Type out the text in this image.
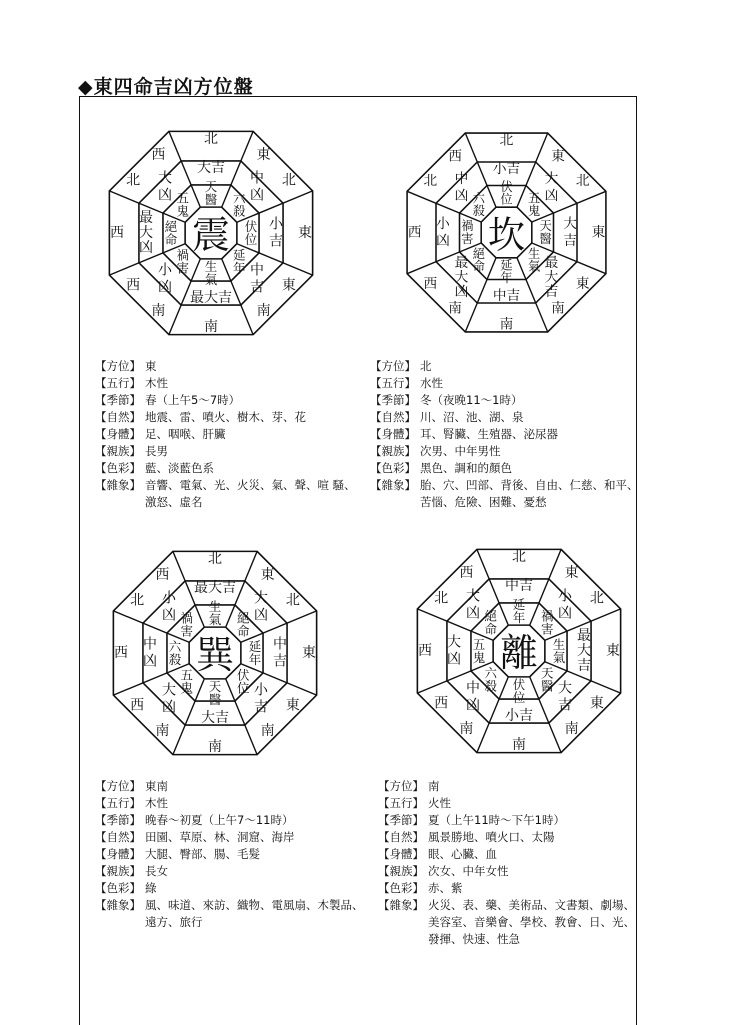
◆東四命吉凶方位盤
震
天
醫
大吉
北
六
殺
中
凶
東
北
伏
位
小
吉
東
延
年 中
吉 東
南
生
氣
最大吉
南
禍
害
小
凶
西
南
絕
命
最
大
凶
西
五
鬼
大
凶
西
北
坎
伏
位
小吉
北
五
鬼
大
凶
東
北
天
醫
大
吉
東
生
氣 最
大
吉
東
南
延
年
中吉
南
絕
命
最
大
凶
西
南
禍
害
小
凶
西
六
殺
中
凶
西
北
巽
生
氣
最大吉
北
絕
命
大
凶
東
北
延
年
中
吉
東
伏
位 小
吉 東
南
天
醫
大吉
南
五
鬼
大
凶
西
南
六
殺
中
凶
西
禍
害
小
凶
西
北
離
延
年
中吉
北
禍
害
小
凶
東
北
生
氣
最
大
吉
東
天
醫 大
吉 東
南
伏
位
小吉
南
六
殺
中
凶
西
南
五
鬼
大
凶
西
絕
命
大
凶
西
北
【方位】 東
【五行】 木性
【季節】 春（上午5～7時）
【自然】 地震、雷、噴火、樹木、芽、花
【身體】 足、咽喉、肝臟
【親族】 長男
【色彩】 藍、淡藍色系
【雜象】 音響、電氣、光、火災、氣、聲、喧 騷、激怒、虛名
【方位】 北
【五行】 水性
【季節】 冬（夜晚11～1時）
【自然】 川、沼、池、湖、泉
【身體】 耳、腎臟、生殖器、泌尿器
【親族】 次男、中年男性
【色彩】 黑色、調和的顏色
【雜象】 胎、穴、凹部、背後、自由、仁慈、和平、苦惱、危險、困難、憂愁
【方位】 東南
【五行】 木性
【季節】 晚春～初夏（上午7～11時）
【自然】 田園、草原、林、洞窟、海岸
【身體】 大腿、臀部、腸、毛髮
【親族】 長女
【色彩】 綠
【雜象】 風、味道、來訪、織物、電風扇、木製品、遠方、旅行
【方位】 南
【五行】 火性
【季節】 夏（上午11時～下午1時）
【自然】 風景勝地、噴火口、太陽
【身體】 眼、心臟、血
【親族】 次女、中年女性
【色彩】 赤、紫
【雜象】 火災、表、藥、美術品、文書類、劇場、美容室、音樂會、學校、教會、日、光、發揮、快速、性急
